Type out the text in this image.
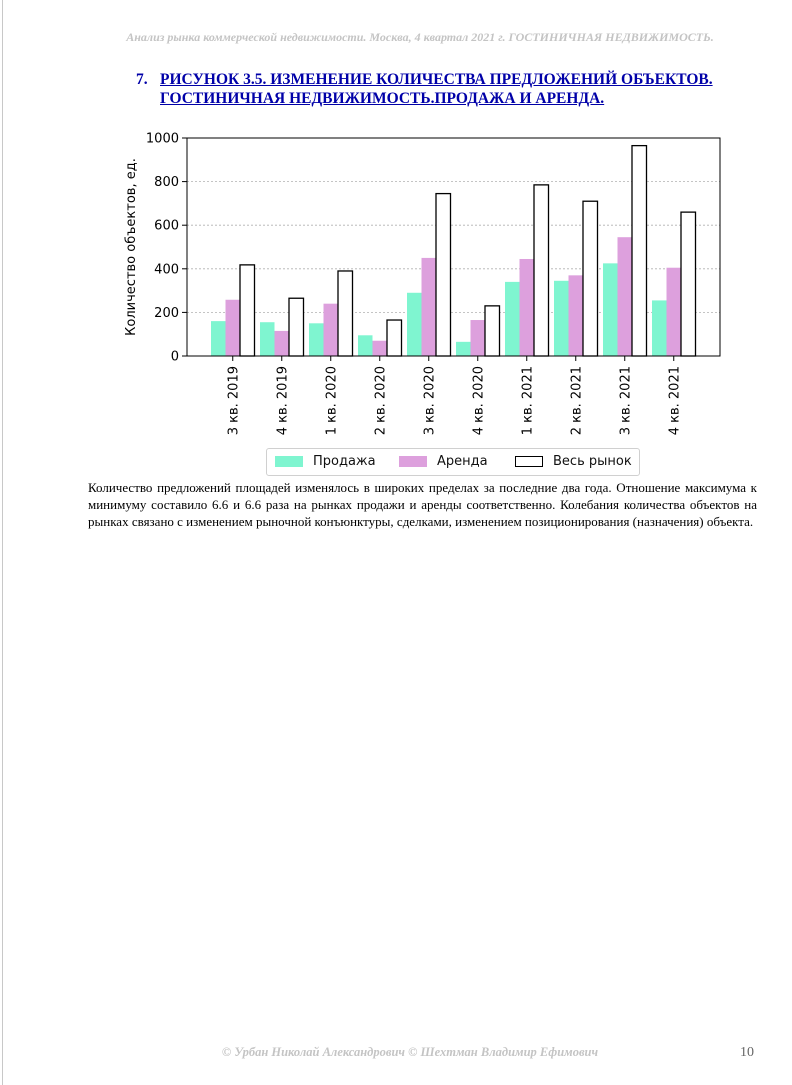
Анализ рынка коммерческой недвижимости. Москва, 4 квартал 2021 г. ГОСТИНИЧНАЯ НЕДВИЖИМОСТЬ.
7. РИСУНОК 3.5. ИЗМЕНЕНИЕ КОЛИЧЕСТВА ПРЕДЛОЖЕНИЙ ОБЪЕКТОВ. ГОСТИНИЧНАЯ НЕДВИЖИМОСТЬ.ПРОДАЖА И АРЕНДА.
0
200
400
600
800
1000
3 кв. 2019	4 кв. 2019	1 кв. 2020	2 кв. 2020	3 кв. 2020	4 кв. 2020	1 кв. 2021	2 кв. 2021	3 кв. 2021	4 кв. 2021
Количество объектов, ед.
Продажа	Аренда	Весь рынок
Количество предложений площадей изменялось в широких пределах за последние два года. Отношение максимума к минимуму составило 6.6 и 6.6 раза на рынках продажи и аренды соответственно. Колебания количества объектов на рынках связано с изменением рыночной конъюнктуры, сделками, изменением позиционирования (назначения) объекта.
© Урбан Николай Александрович © Шехтман Владимир Ефимович	10
